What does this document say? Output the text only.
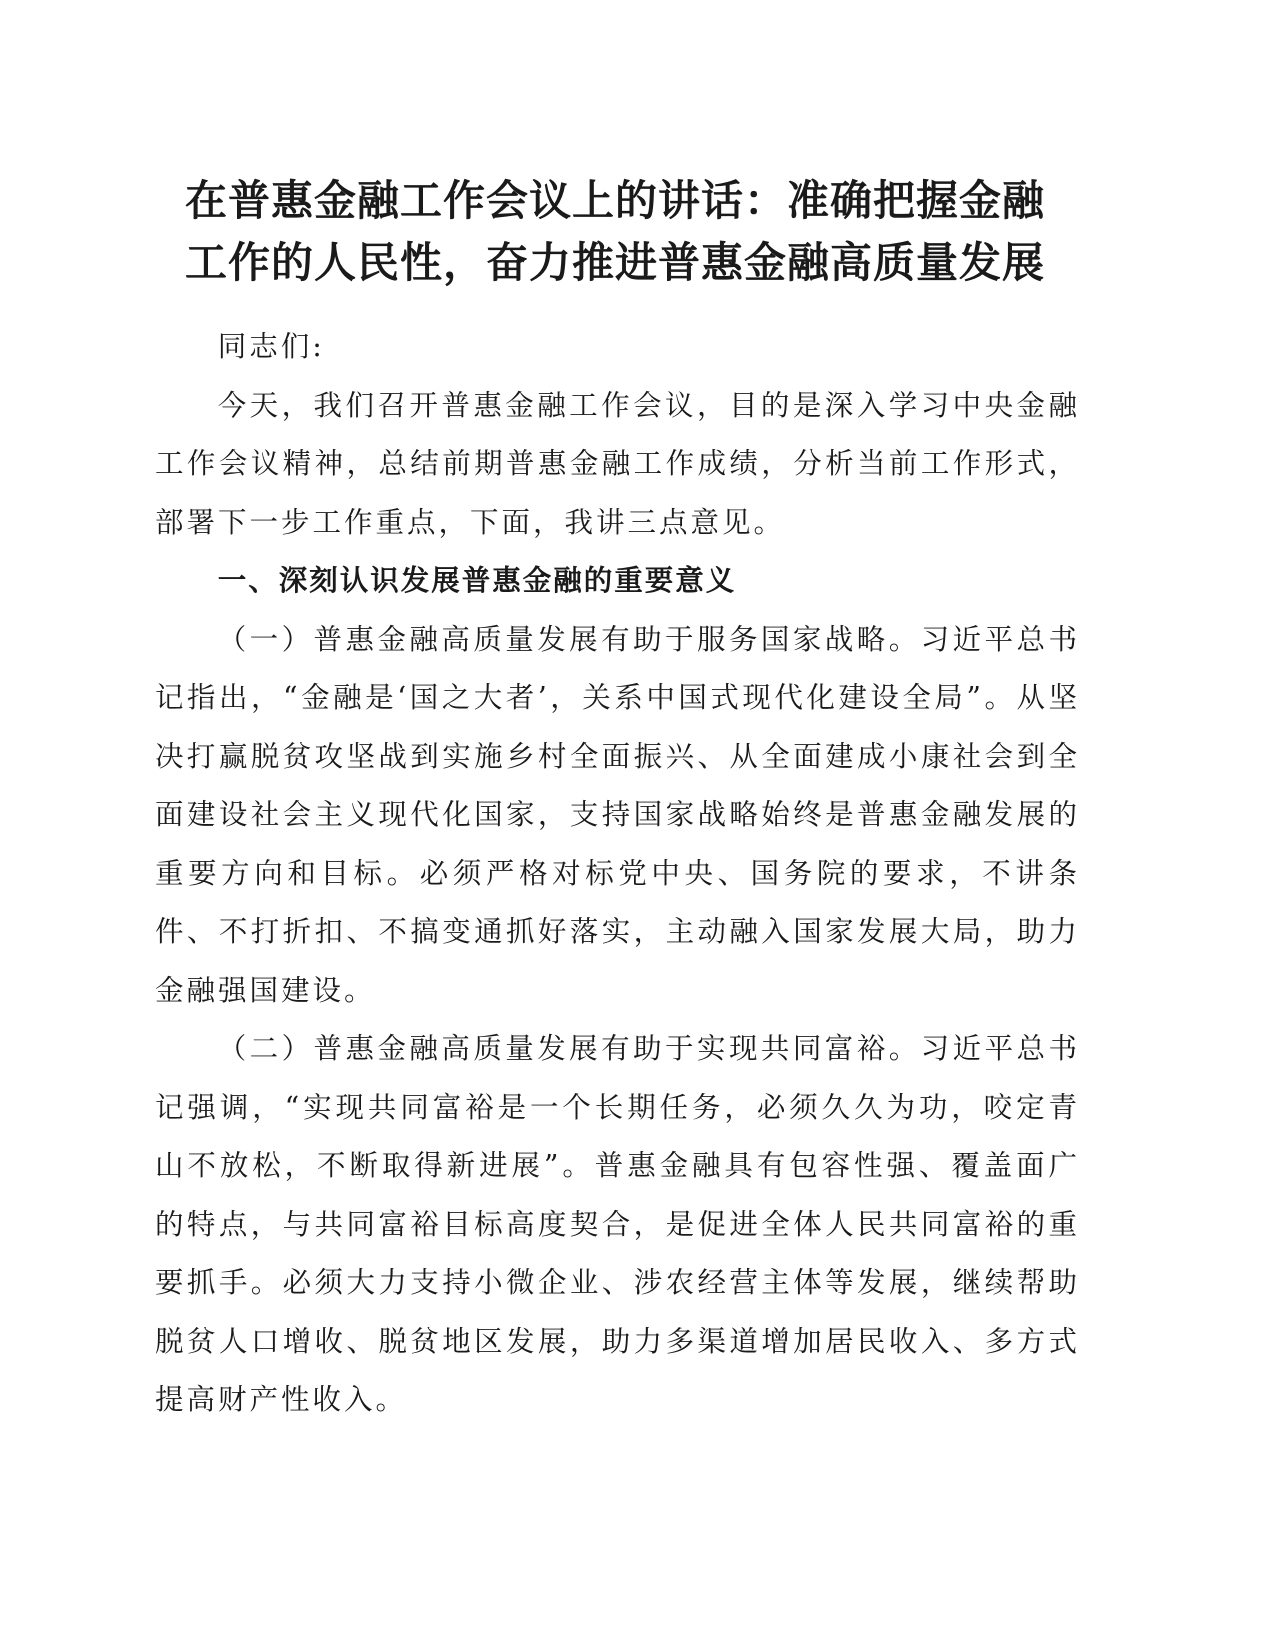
在普惠金融工作会议上的讲话：准确把握金融
工作的人民性，奋力推进普惠金融高质量发展

同志们:

今天，我们召开普惠金融工作会议，目的是深入学习中央金融工作会议精神，总结前期普惠金融工作成绩，分析当前工作形式，部署下一步工作重点，下面，我讲三点意见。

一、深刻认识发展普惠金融的重要意义

（一）普惠金融高质量发展有助于服务国家战略。习近平总书记指出，“金融是‘国之大者’，关系中国式现代化建设全局”。从坚决打赢脱贫攻坚战到实施乡村全面振兴、从全面建成小康社会到全面建设社会主义现代化国家，支持国家战略始终是普惠金融发展的重要方向和目标。必须严格对标党中央、国务院的要求，不讲条件、不打折扣、不搞变通抓好落实，主动融入国家发展大局，助力金融强国建设。

（二）普惠金融高质量发展有助于实现共同富裕。习近平总书记强调，“实现共同富裕是一个长期任务，必须久久为功，咬定青山不放松，不断取得新进展”。普惠金融具有包容性强、覆盖面广的特点，与共同富裕目标高度契合，是促进全体人民共同富裕的重要抓手。必须大力支持小微企业、涉农经营主体等发展，继续帮助脱贫人口增收、脱贫地区发展，助力多渠道增加居民收入、多方式提高财产性收入。
